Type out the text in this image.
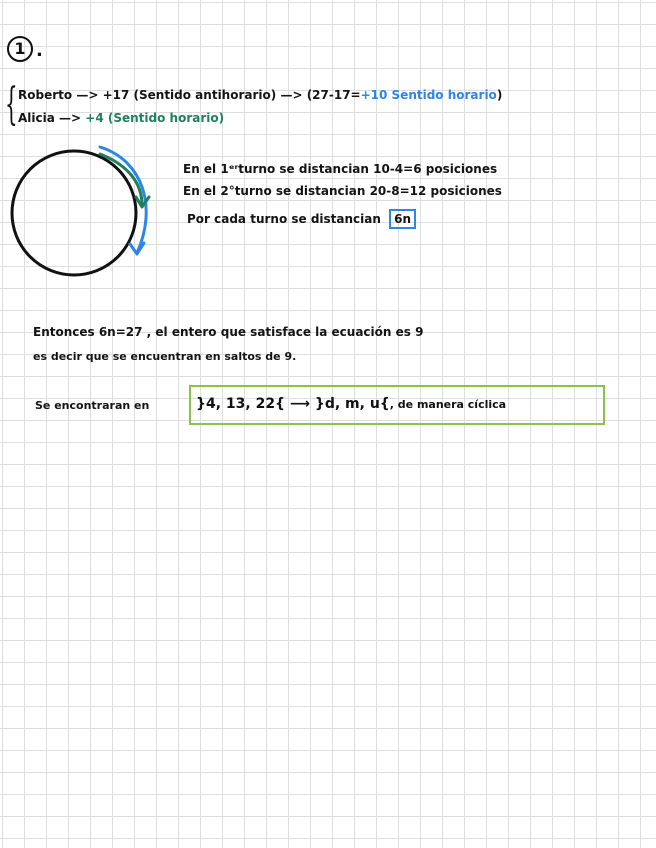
1 .
{ Roberto —> +17 (Sentido antihorario) —> (27-17=+10 Sentido horario)
Alicia —> +4 (Sentido horario)
En el 1ᵉʳturno se distancian 10-4=6 posiciones
En el 2°turno se distancian 20-8=12 posiciones
Por cada turno se distancian 6n
Entonces 6n=27 , el entero que satisface la ecuación es 9
es decir que se encuentran en saltos de 9.
Se encontraran en	}4, 13, 22{ ⟶ }d, m, u{, de manera cíclica
